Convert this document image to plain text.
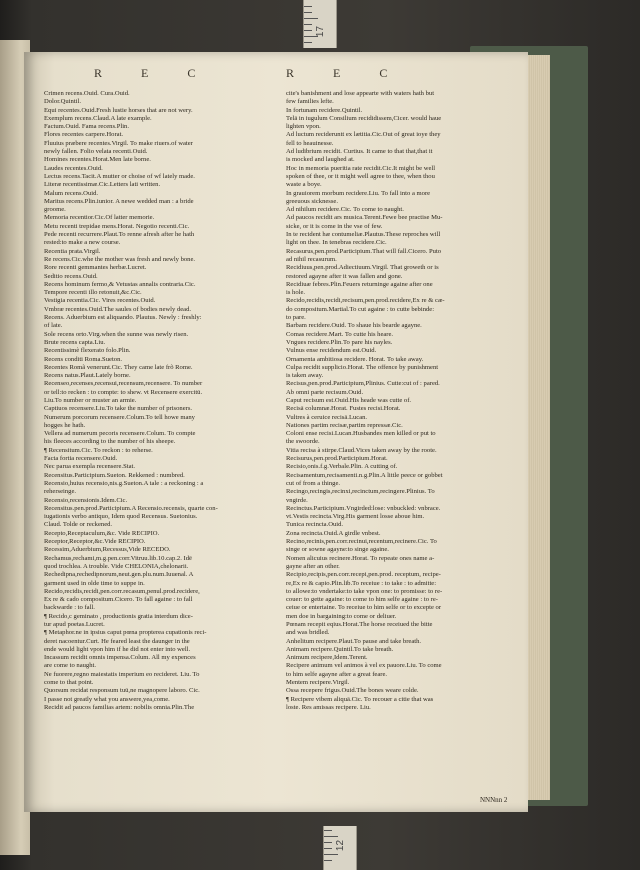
17
R E C	R E C
Crimen recens.Ouid. Cura.Ouid.
Dolor.Quintil.
Equi recentes.Ouid.Fresh lustie horses that are not wery.
Exemplum recens.Claud.A late example.
Factum.Ouid. Fama recens.Plin.
Flores recentes carpere.Horat.
Fluuius præbere recentes.Virgil. To make riuers.of water
newly fallen. Folio velata recenti.Ouid.
Homines recentes.Horat.Men late borne.
Laudes recentes.Ouid.
Lectus recens.Tacit.A mutter or choise of wf lately made.
Literæ recentissimæ.Cic.Letters lati written.
Malum recens.Ouid.
Maritus recens.Plin.iunior. A newe wedded man : a bride
groome.
Memoria recentior.Cic.Of latter memorie.
Metu recenti trepidae mens.Horat. Negotio recenti.Cic.
Pede recenti recurrere.Plaut.To renne afresh after he hath
rested:to make a new course.
Recentia prata.Virgil.
Re recens.Cic.whe the mother was fresh and newly bone.
Rore recenti gemmantes herbæ.Lucret.
Seditio recens.Ouid.
Recens hominum fermo,& Vetustas annalis contraria.Cic.
Tempore recenti illo retonuit,&c.Cic.
Vestigia recentia.Cic. Vires recentes.Ouid.
Vmbræ recentes.Ouid.The saules of bodies newly dead.
Recens. Aduerbium est aliquando. Plautus. Newly : freshly:
of late.
Sole recens orto.Virg.when the sunne was newly risen.
Brute recens capta.Liu.
Recentissimè flexerato folo.Plin.
Recens conditi Roma.Sueton.
Recentes Romã venerunt.Cic. They came late frõ Rome.
Recens natus.Plaut.Lately borne.
Recenseo,recenses,recensui,recensum,recensere. To number
or tell:to recken : to compte: to shew. vt Recensere exercitū.
Liu.To number or muster an armie.
Captiuos recensere.Liu.To take the number of prisoners.
Numerum porcorum recensere.Colum.To tell howe many
hogges he hath.
Vellera ad numerum pecoris recensere.Colum. To compte
his fleeces according to the number of his sheepe.
¶ Recensitum.Cic. To reckon : to reherse.
Facta fortia recensere.Ouid.
Nec parua exempla recensere.Stat.
Recensitus.Participium.Sueton. Rekkened : numbred.
Recensio,huius recensio,nis.g.Sueton.A tale : a reckoning : a
reherseinge.
Recensio,recensionis.Idem.Cic.
Recensitus.pen.prod.Participium.A Recensio.recensis, quarte con-
iugationis verbo antiquo, Idem quod Recensus. Suetonius.
Claud. Tolde or reckened.
Recepto,Receptaculum,&c. Vide RECIPIO.
Receptor,Receptor,&c.Vide RECIPIO.
Recessim,Aduerbium,Recessus,Vide RECEDO.
Rechamus,rechami,m.g.pen.corr.Vitruu.lib.10.cap.2. Idē
quod trochlea. A trouble. Vide CHELONIA,chelonarii.
Rechedipna,rechedipnorum,neut.gen.plu.num.Iuuenal. A
garment used in olde time to suppe in.
Recido,recidis,recidi,pen.corr.recasum,penul.prod.recidere,
Ex re & cado compositum.Cicero. To fall againe : to fall
backwarde : to fall.
¶ Recido,c geminato , productionis gratia interdum dice-
tur apud poetas.Lucret.
¶ Metaphor.ne in ipsius caput pœna propterea cupationis reci-
deret nacoentur.Curt. He feared least the daunger in the
ende would light vpon him if he did not enter into well.
Incassum recidit omnis impensa.Colum. All my expences
are come to naught.
Ne fuorere,regno maiestatis imperium eo recideret. Liu. To
come to that point.
Quorsum recidat responsum tuū,ne magnopere laboro. Cic.
I passe not greatly what you answere,yea,come.
Recidit ad paucos familias artem: nobilis omnia.Plin.The
cite's banishment and lose appearte with waters hath but
few families lefte.
In fortunam recidere.Quintil.
Telā in iugulum Consilium recididissem,Cicer. would haue
lighten vpon.
Ad luctum recideruntt ex lætitia.Cic.Out of great ioye they
fell to heauinesse.
Ad ludibrium recidit. Curtius. It came to that that,that it
is mocked and laughed at.
Hoc in memoria pueritia rate recidit.Cic.It might be well
spoken of thee, or it might well agree to thee, when thou
waste a boye.
In grauiorem morbum recidere.Liu. To fall into a more
greeuous sicknesse.
Ad nihilum recidere.Cic. To come to naught.
Ad paucos recidit ars musica.Terent.Fewe bee practise Mu-
sicke, or it is come in the vse of few.
In te recident hæ contumeliæ.Plautus.These reproches will
light on thee. In tenebras recidere.Cic.
Recasurus,pen.prod.Participium.That will fall.Cicero. Puto
ad nihil recasurum.
Recidiuus,pen.prod.Adiectiuum.Virgil. That groweth or is
restored agayne after it was fallen and gone.
Recidiuæ febres.Plin.Feuers returninge againe after one
is hole.
Recido,recidis,recidi,recisum,pen.prod.recidere,Ex re & cæ-
do compositum.Martial.To cut againe : to cutte bebinde:
to pare.
Barbam recidere.Ouid. To shaue his bearde agayne.
Comas recidere.Mart. To cutte his heare.
Vngues recidere.Plin.To pare his nayles.
Vulnus ense recidendum est.Ouid.
Ornamenta ambitiosa recidere. Horat. To take away.
Culpa recidit supplicio.Horat. The offence by punishment
is taken away.
Recisus,pen.prod.Participium,Plinius. Cutte:cut of : pared.
Ab omni parte recisum.Ouid.
Caput recisum est.Ouid.His heade was cutte of.
Recisā columnæ.Horat. Fustes recisi.Horat.
Vultres à ceruice recisā.Lucan.
Nationes partim recisæ,partim repressæ.Cic.
Coloni ense recisi.Lucan.Husbandes men killed or put to
the swoorde.
Vitia recisa à stirpe.Claud.Vices taken away by the roote.
Recisurus,pen.prod.Participium.Horat.
Recisio,onis.f.g.Verbale.Plin. A cutting of.
Recisamentum,recisamenti.n.g.Plin.A little peece or gobbet
cut of from a thinge.
Recingo,recingis,recinxi,recinctum,recingere.Plinius. To
vngirde.
Recinctus.Participium.Vngirded:lose: vnbuckled: vnbrace.
vt.Vestis recincta.Virg.His garment losse aboue him.
Tunica recincta.Ouid.
Zona recincta.Ouid.A girdle vnbest.
Recino,recinis,pen.corr.recinui,recentum,recinere.Cic. To
singe or sowne agayne:to singe againe.
Nomen alicuius recinere.Horat. To repeate ones name a-
gayne after an other.
Recipio,recipis,pen.corr.recepi,pen.prod. receptum, recipe-
re,Ex re & capio.Plin.lib.To receiue : to take : to admitte:
to allowe:to vndertake:to take vpon one: to promisse: to re-
couer: to gette againe: to come to him selfe againe : to re-
ceiue or entertaine. To receiue to him selfe or to excepte or
men doe in bargaining:to come or deliuer.
Pœnam recepit eqius.Horat.The horse receiued the bitte
and was bridled.
Anhelitum recipere.Plaut.To pause and take breath.
Animam recipere.Quintil.To take breath.
Animum recipere,Idem.Terent.
Recipere animum vel animos à vel ex pauore.Liu. To come
to him selfe agayne after a great feare.
Mentem recipere.Virgil.
Ossa recepere frigus.Ouid.The bones weare colde.
¶ Recipere vibem aliquā.Cic. To recouer a citie that was
loste. Res amissas recipere. Liu.
NNNnn 2
12
